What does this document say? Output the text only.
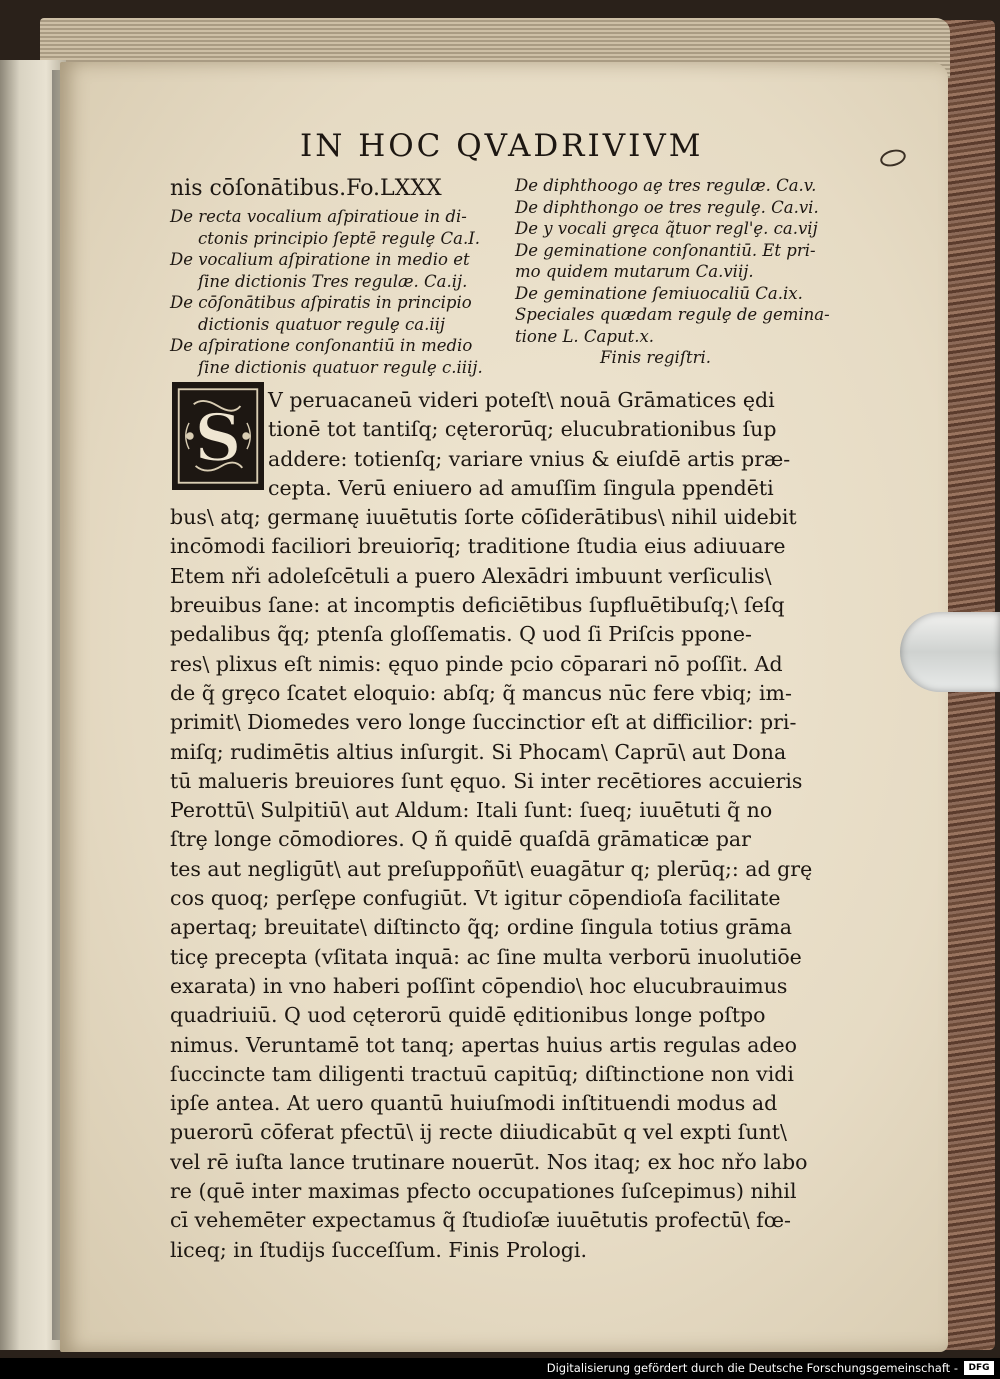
IN HOC QVADRIVIVM
nis cōſonātibus.Fo.LXXX
De recta vocalium aſpiratioue in di-
ctonis principio ſeptē regulȩ Ca.I.
De vocalium aſpiratione in medio et
ſine dictionis Tres regulæ. Ca.ij.
De cōſonātibus aſpiratis in principio
dictionis quatuor regulȩ ca.iij
De aſpiratione conſonantiū in medio
ſine dictionis quatuor regulȩ c.iiij.
De diphthoogo aȩ tres regulæ. Ca.v.
De diphthongo oe tres regulȩ. Ca.vi.
De y vocali grȩca q̃tuor regl'ȩ. ca.vij
De geminatione conſonantiū. Et pri-
mo quidem mutarum Ca.viij.
De geminatione ſemiuocaliū Ca.ix.
Speciales quædam regulȩ de gemina-
tione L. Caput.x.
Finis regiſtri.
S
V peruacaneū videri poteſt\ nouā Grāmatices ędi
tionē tot tantiſq; cęterorūq; elucubrationibus ſup
addere: totienſq; variare vnius & eiuſdē artis præ-
cepta. Verū eniuero ad amuſſim ſingula ppendēti
bus\ atq; germanę iuuētutis ſorte cōſiderātibus\ nihil uidebit
incōmodi faciliori breuiorīq; traditione ſtudia eius adiuuare
Etem nři adoleſcētuli a puero Alexādri imbuunt verſiculis\
breuibus ſane: at incomptis deficiētibus ſupfluētibuſq;\ ſeſq
pedalibus q̃q; ptenſa gloſſematis. Q uod ſi Priſcis ppone-
res\ plixus eſt nimis: ęquo pinde pcio cōparari nō poſſit. Ad
de q̃ grȩco ſcatet eloquio: abſq; q̃ mancus nūc fere vbiq; im-
primit\ Diomedes vero longe ſuccinctior eſt at difficilior: pri-
miſq; rudimētis altius inſurgit. Si Phocam\ Caprū\ aut Dona
tū malueris breuiores ſunt ęquo. Si inter recētiores accuieris
Perottū\ Sulpitiū\ aut Aldum: Itali ſunt: ſueq; iuuētuti q̃ no
ſtrȩ longe cōmodiores. Q ñ quidē quaſdā grāmaticæ par
tes aut negligūt\ aut preſuppoñūt\ euagātur q; plerūq;: ad grę
cos quoq; perſępe confugiūt. Vt igitur cōpendioſa facilitate
apertaq; breuitate\ diſtincto q̃q; ordine ſingula totius grāma
ticȩ precepta (vſitata inquā: ac ſine multa verborū inuolutiōe
exarata) in vno haberi poſſint cōpendio\ hoc elucubrauimus
quadriuiū. Q uod cęterorū quidē ęditionibus longe poſtpo
nimus. Veruntamē tot tanq; apertas huius artis regulas adeo
ſuccincte tam diligenti tractuū capitūq; diſtinctione non vidi
ipſe antea. At uero quantū huiuſmodi inſtituendi modus ad
puerorū cōferat pfectū\ ij recte diiudicabūt q vel expti ſunt\
vel rē iuſta lance trutinare nouerūt. Nos itaq; ex hoc nřo labo
re (quē inter maximas pfecto occupationes ſuſcepimus) nihil
cī vehemēter expectamus q̃ ſtudioſæ iuuētutis profectū\ fœ-
liceq; in ſtudijs ſucceſſum. Finis Prologi.
Digitalisierung gefördert durch die Deutsche Forschungsgemeinschaft -	DFG
